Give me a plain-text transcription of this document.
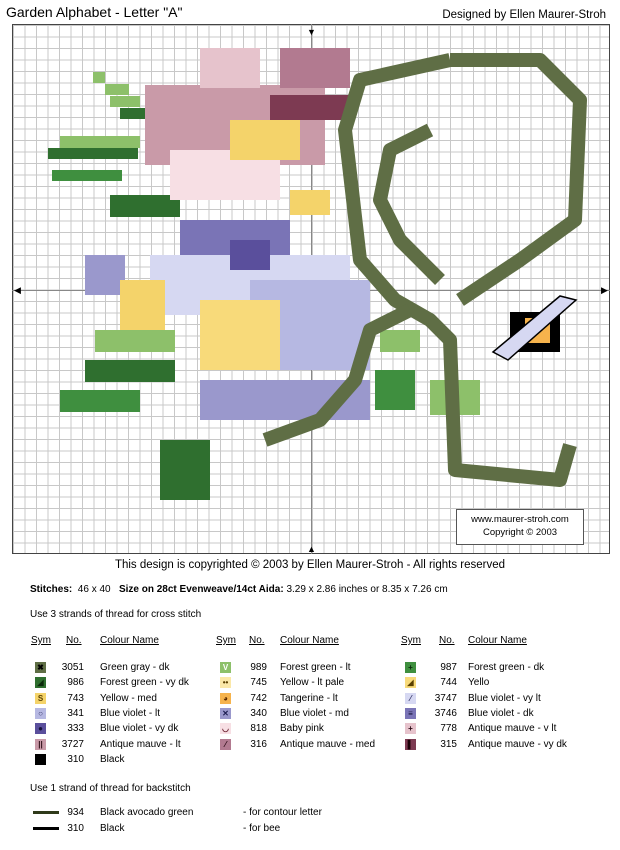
Garden Alphabet - Letter "A"	Designed by Ellen Maurer-Stroh
▼
▲
◀	▶
www.maurer-stroh.com
Copyright © 2003
This design is copyrighted © 2003 by Ellen Maurer-Stroh - All rights reserved
Stitches: 46 x 40 Size on 28ct Evenweave/14ct Aida: 3.29 x 2.86 inches or 8.35 x 7.26 cm
Use 3 strands of thread for cross stitch
Sym No. Colour Name
✖	3051 Green gray - dk
◢	986 Forest green - vy dk
S	743 Yellow - med
○	341 Blue violet - lt
●	333 Blue violet - vy dk
||	3727 Antique mauve - lt
310 Black
Sym No. Colour Name
V	989 Forest green - lt
••	745 Yellow - lt pale
◕	742 Tangerine - lt
✕	340 Blue violet - md
◡	818 Baby pink
⁄	316 Antique mauve - med
Sym No. Colour Name
+	987 Forest green - dk
◢	744 Yello
⁄	3747 Blue violet - vy lt
≡	3746 Blue violet - dk
+	778 Antique mauve - v lt
▌	315 Antique mauve - vy dk
Use 1 strand of thread for backstitch
934 Black avocado green	- for contour letter
310 Black	- for bee
